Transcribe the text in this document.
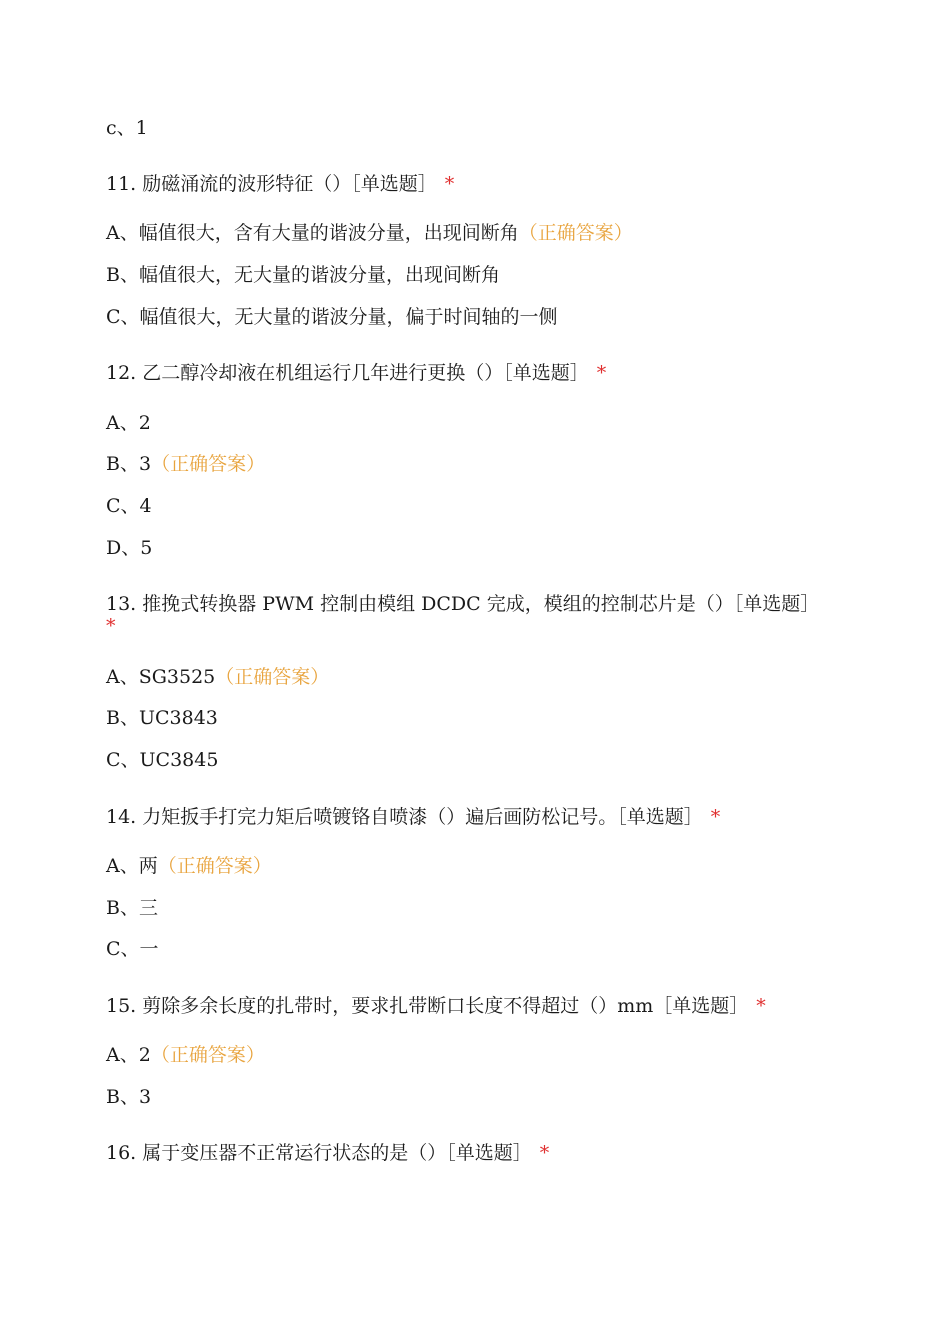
c、1
11. 励磁涌流的波形特征（）［单选题］ *
A、幅值很大，含有大量的谐波分量，出现间断角（正确答案）
B、幅值很大，无大量的谐波分量，出现间断角
C、幅值很大，无大量的谐波分量，偏于时间轴的一侧
12. 乙二醇冷却液在机组运行几年进行更换（）［单选题］ *
A、2
B、3（正确答案）
C、4
D、5
13. 推挽式转换器 PWM 控制由模组 DCDC 完成，模组的控制芯片是（）［单选题］*
A、SG3525（正确答案）
B、UC3843
C、UC3845
14. 力矩扳手打完力矩后喷镀铬自喷漆（）遍后画防松记号。［单选题］ *
A、两（正确答案）
B、三
C、一
15. 剪除多余长度的扎带时，要求扎带断口长度不得超过（）mm［单选题］ *
A、2（正确答案）
B、3
16. 属于变压器不正常运行状态的是（）［单选题］ *
